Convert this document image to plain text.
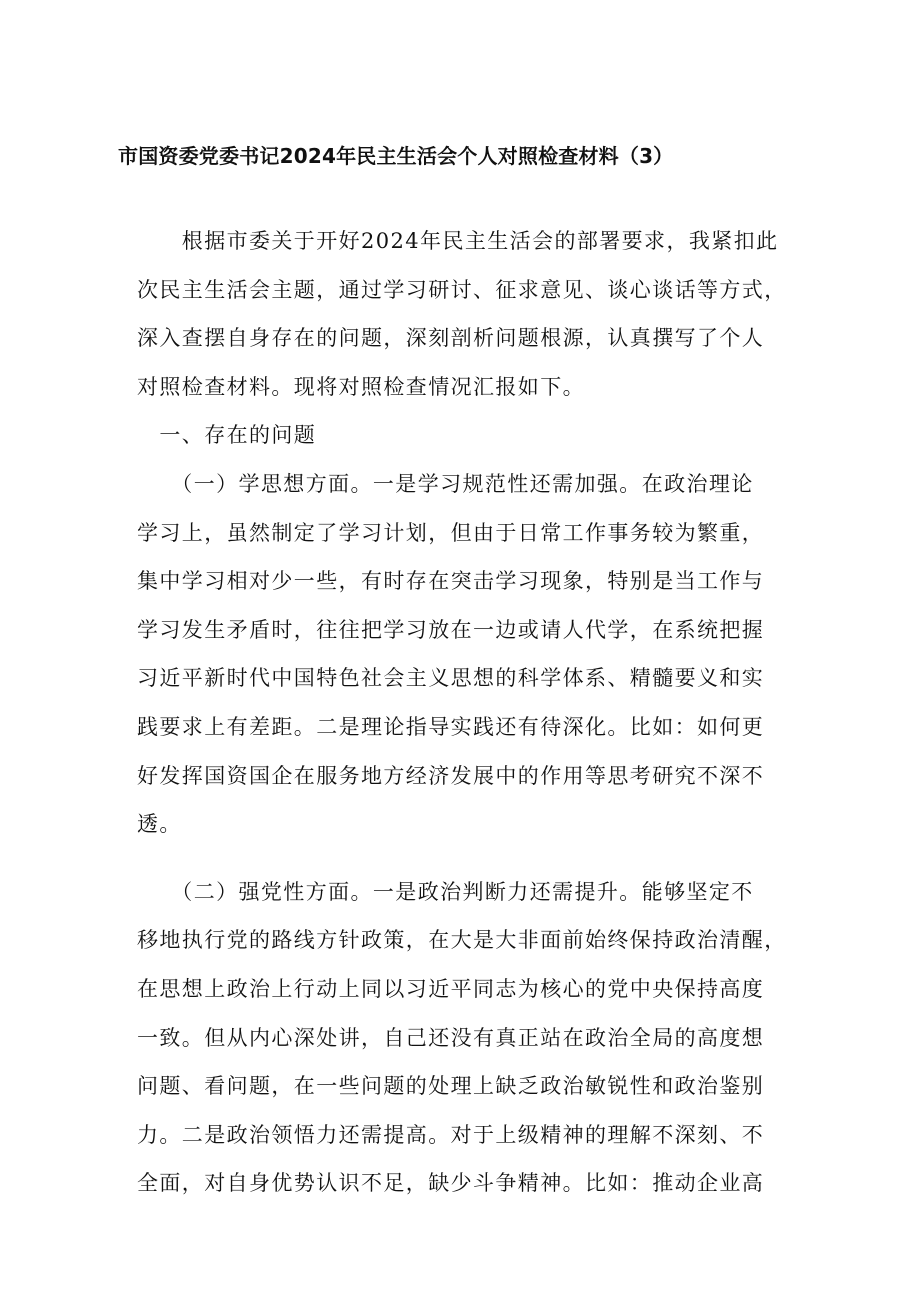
市国资委党委书记2024年民主生活会个人对照检查材料（3）
　　根据市委关于开好2024年民主生活会的部署要求，我紧扣此
次民主生活会主题，通过学习研讨、征求意见、谈心谈话等方式，
深入查摆自身存在的问题，深刻剖析问题根源，认真撰写了个人
对照检查材料。现将对照检查情况汇报如下。
　一、存在的问题
　　（一）学思想方面。一是学习规范性还需加强。在政治理论
学习上，虽然制定了学习计划，但由于日常工作事务较为繁重，
集中学习相对少一些，有时存在突击学习现象，特别是当工作与
学习发生矛盾时，往往把学习放在一边或请人代学，在系统把握
习近平新时代中国特色社会主义思想的科学体系、精髓要义和实
践要求上有差距。二是理论指导实践还有待深化。比如：如何更
好发挥国资国企在服务地方经济发展中的作用等思考研究不深不
透。
　　（二）强党性方面。一是政治判断力还需提升。能够坚定不
移地执行党的路线方针政策，在大是大非面前始终保持政治清醒，
在思想上政治上行动上同以习近平同志为核心的党中央保持高度
一致。但从内心深处讲，自己还没有真正站在政治全局的高度想
问题、看问题，在一些问题的处理上缺乏政治敏锐性和政治鉴别
力。二是政治领悟力还需提高。对于上级精神的理解不深刻、不
全面，对自身优势认识不足，缺少斗争精神。比如：推动企业高
